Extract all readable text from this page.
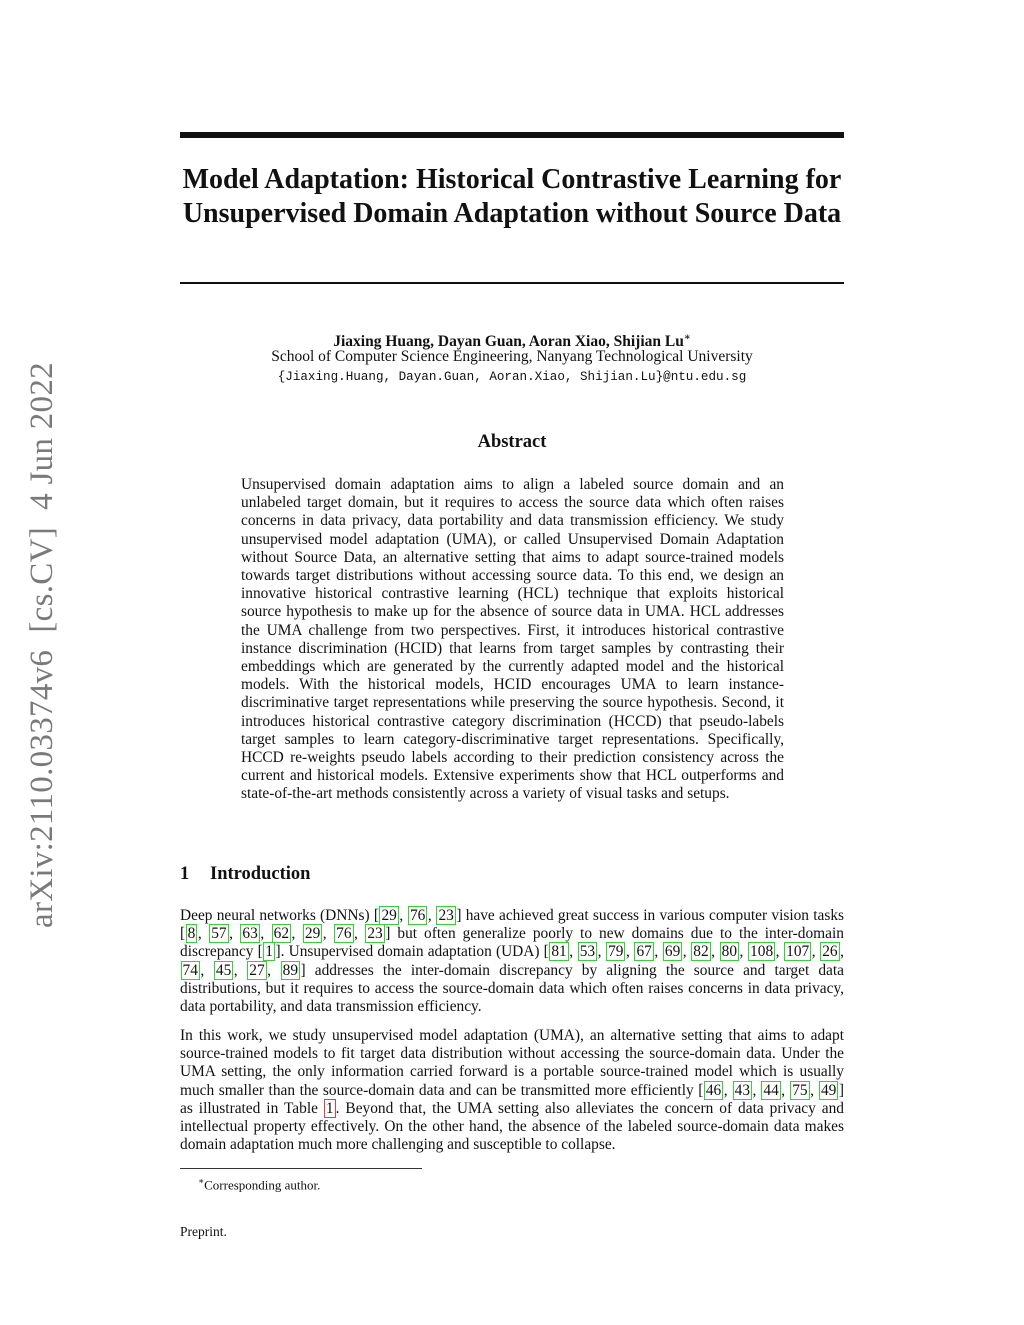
arXiv:2110.03374v6  [cs.CV]  4 Jun 2022
Model Adaptation: Historical Contrastive Learning for Unsupervised Domain Adaptation without Source Data
Jiaxing Huang, Dayan Guan, Aoran Xiao, Shijian Lu∗
School of Computer Science Engineering, Nanyang Technological University
{Jiaxing.Huang, Dayan.Guan, Aoran.Xiao, Shijian.Lu}@ntu.edu.sg
Abstract

Unsupervised domain adaptation aims to align a labeled source domain and an unlabeled target domain, but it requires to access the source data which often raises concerns in data privacy, data portability and data transmission efficiency. We study unsupervised model adaptation (UMA), or called Unsupervised Domain Adaptation without Source Data, an alternative setting that aims to adapt source-trained models towards target distributions without accessing source data. To this end, we design an innovative historical contrastive learning (HCL) technique that exploits historical source hypothesis to make up for the absence of source data in UMA. HCL addresses the UMA challenge from two perspectives. First, it introduces historical contrastive instance discrimination (HCID) that learns from target samples by contrasting their embeddings which are generated by the currently adapted model and the historical models. With the historical models, HCID encourages UMA to learn instance-discriminative target representations while preserving the source hypothesis. Second, it introduces historical contrastive category discrimination (HCCD) that pseudo-labels target samples to learn category-discriminative target representations. Specifically, HCCD re-weights pseudo labels according to their prediction consistency across the current and historical models. Extensive experiments show that HCL outperforms and state-of-the-art methods consistently across a variety of visual tasks and setups.

1 Introduction

Deep neural networks (DNNs) [ 29 , 76 , 23 ] have achieved great success in various computer vision tasks [ 8 , 57 , 63 , 62 , 29 , 76 , 23 ] but often generalize poorly to new domains due to the inter-domain discrepancy [ 1 ]. Unsupervised domain adaptation (UDA) [ 81 , 53 , 79 , 67 , 69 , 82 , 80 , 108 , 107 , 26 , 74 , 45 , 27 , 89 ] addresses the inter-domain discrepancy by aligning the source and target data distributions, but it requires to access the source-domain data which often raises concerns in data privacy, data portability, and data transmission efficiency.

In this work, we study unsupervised model adaptation (UMA), an alternative setting that aims to adapt source-trained models to fit target data distribution without accessing the source-domain data. Under the UMA setting, the only information carried forward is a portable source-trained model which is usually much smaller than the source-domain data and can be transmitted more efficiently [ 46 , 43 , 44 , 75 , 49 ] as illustrated in Table 1 . Beyond that, the UMA setting also alleviates the concern of data privacy and intellectual property effectively. On the other hand, the absence of the labeled source-domain data makes domain adaptation much more challenging and susceptible to collapse.

∗Corresponding author.
Preprint.
